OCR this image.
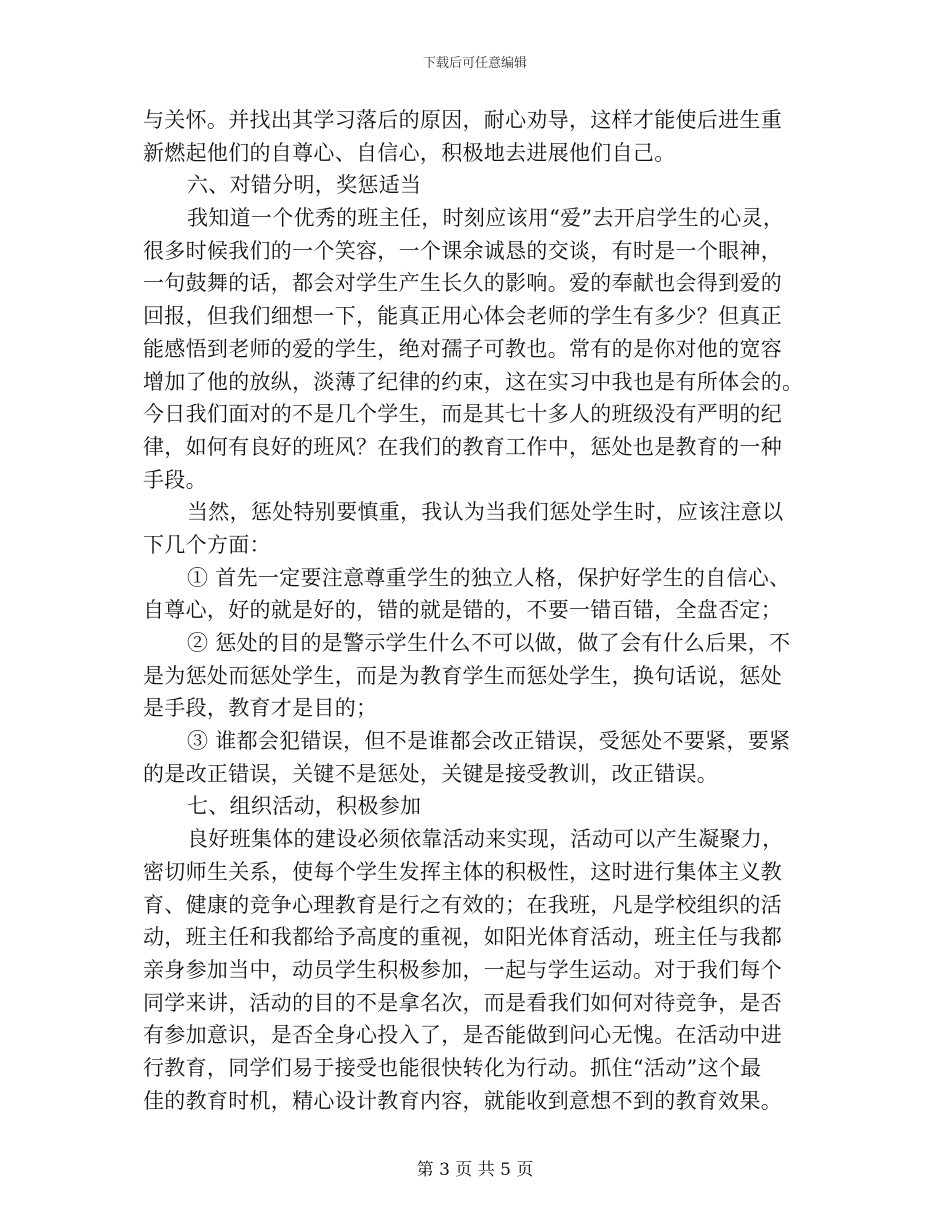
下载后可任意编辑
与关怀。并找出其学习落后的原因，耐心劝导，这样才能使后进生重
新燃起他们的自尊心、自信心，积极地去进展他们自己。
六、对错分明，奖惩适当
我知道一个优秀的班主任，时刻应该用“爱”去开启学生的心灵，
很多时候我们的一个笑容，一个课余诚恳的交谈，有时是一个眼神，
一句鼓舞的话，都会对学生产生长久的影响。爱的奉献也会得到爱的
回报，但我们细想一下，能真正用心体会老师的学生有多少？但真正
能感悟到老师的爱的学生，绝对孺子可教也。常有的是你对他的宽容
增加了他的放纵，淡薄了纪律的约束，这在实习中我也是有所体会的。
今日我们面对的不是几个学生，而是其七十多人的班级没有严明的纪
律，如何有良好的班风？在我们的教育工作中，惩处也是教育的一种
手段。
当然，惩处特别要慎重，我认为当我们惩处学生时，应该注意以
下几个方面：
① 首先一定要注意尊重学生的独立人格，保护好学生的自信心、
自尊心，好的就是好的，错的就是错的，不要一错百错，全盘否定；
② 惩处的目的是警示学生什么不可以做，做了会有什么后果，不
是为惩处而惩处学生，而是为教育学生而惩处学生，换句话说，惩处
是手段，教育才是目的；
③ 谁都会犯错误，但不是谁都会改正错误，受惩处不要紧，要紧
的是改正错误，关键不是惩处，关键是接受教训，改正错误。
七、组织活动，积极参加
良好班集体的建设必须依靠活动来实现，活动可以产生凝聚力，
密切师生关系，使每个学生发挥主体的积极性，这时进行集体主义教
育、健康的竞争心理教育是行之有效的；在我班，凡是学校组织的活
动，班主任和我都给予高度的重视，如阳光体育活动，班主任与我都
亲身参加当中，动员学生积极参加，一起与学生运动。对于我们每个
同学来讲，活动的目的不是拿名次，而是看我们如何对待竞争，是否
有参加意识，是否全身心投入了，是否能做到问心无愧。在活动中进
行教育，同学们易于接受也能很快转化为行动。抓住“活动”这个最
佳的教育时机，精心设计教育内容，就能收到意想不到的教育效果。
第 3 页 共 5 页
